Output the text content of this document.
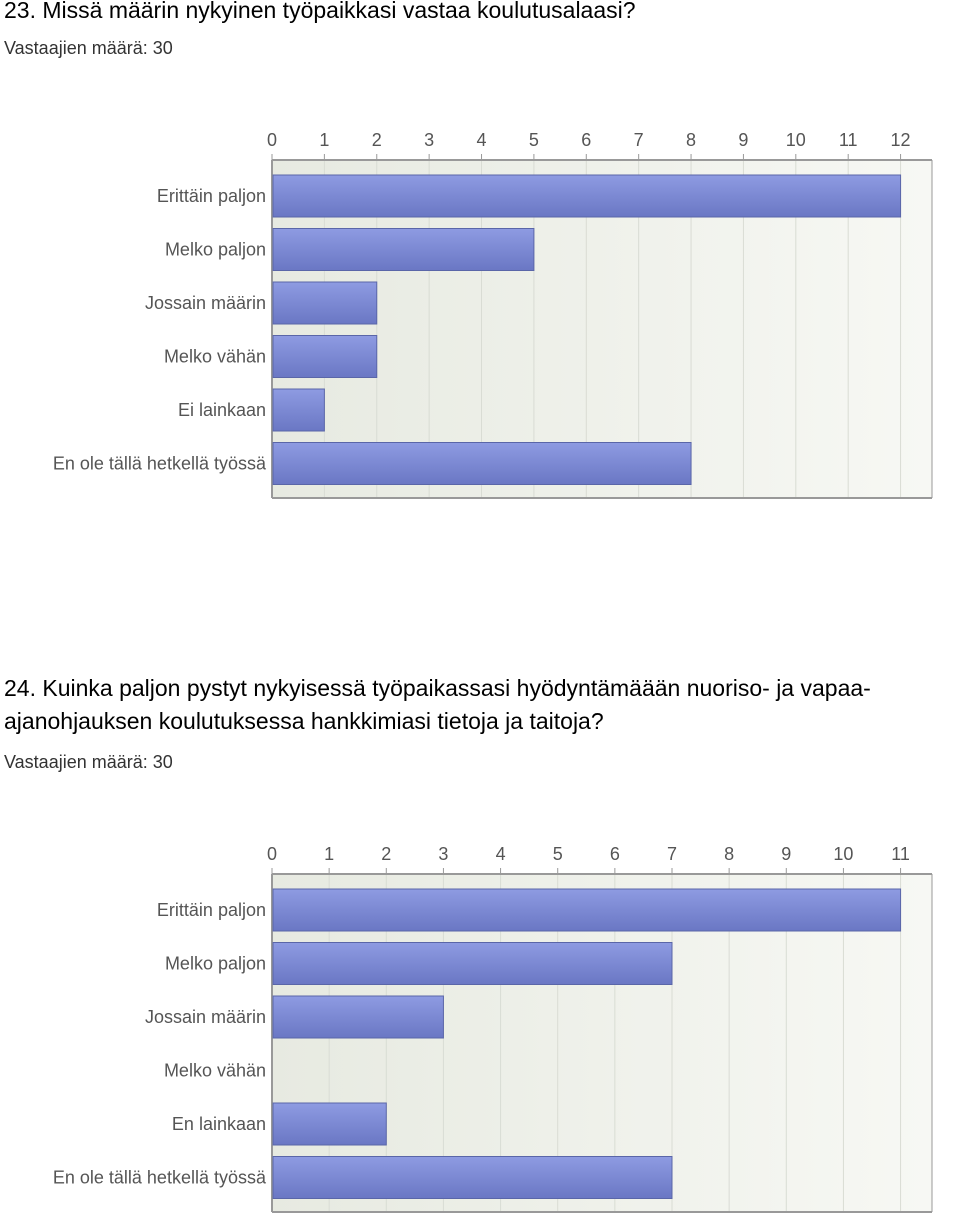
23. Missä määrin nykyinen työpaikkasi vastaa koulutusalaasi?
Vastaajien määrä: 30
0 1 2 3 4 5 6 7 8 9 10 11 12
Erittäin paljon
Melko paljon
Jossain määrin
Melko vähän
Ei lainkaan
En ole tällä hetkellä työssä
24. Kuinka paljon pystyt nykyisessä työpaikassasi hyödyntämäään nuoriso- ja vapaa-ajanohjauksen koulutuksessa hankkimiasi tietoja ja taitoja?
Vastaajien määrä: 30
0	1	2	3	4	5	6	7	8	9 10 11
Erittäin paljon
Melko paljon
Jossain määrin
Melko vähän
En lainkaan
En ole tällä hetkellä työssä
